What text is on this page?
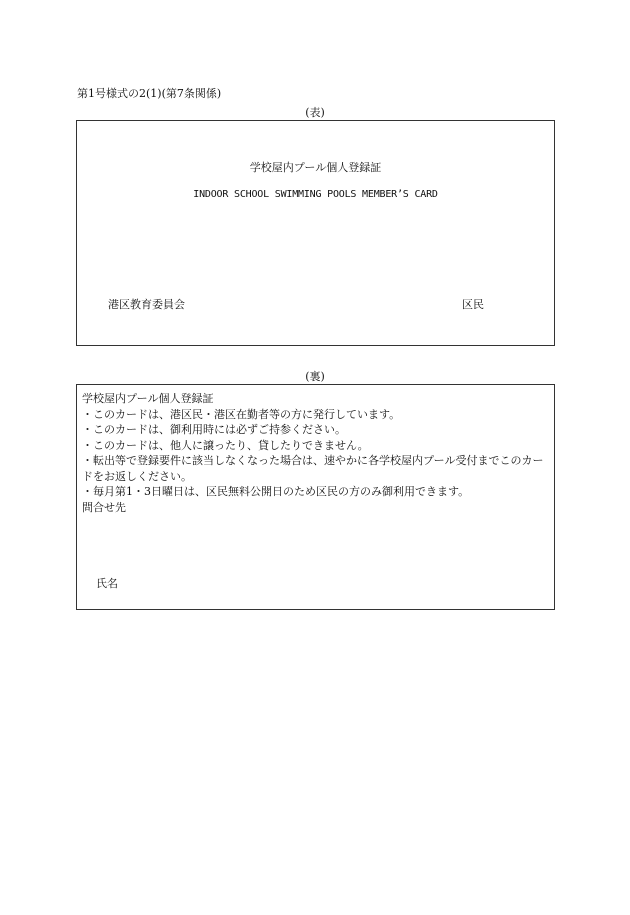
第1号様式の2(1)(第7条関係)
(表)
学校屋内プール個人登録証
INDOOR SCHOOL SWIMMING POOLS MEMBER’S CARD
港区教育委員会	区民
(裏)
学校屋内プール個人登録証
・このカードは、港区民・港区在勤者等の方に発行しています。
・このカードは、御利用時には必ずご持参ください。
・このカードは、他人に譲ったり、貸したりできません。
・転出等で登録要件に該当しなくなった場合は、速やかに各学校屋内プール受付までこのカードをお返しください。
・毎月第1・3日曜日は、区民無料公開日のため区民の方のみ御利用できます。
問合せ先
氏名
